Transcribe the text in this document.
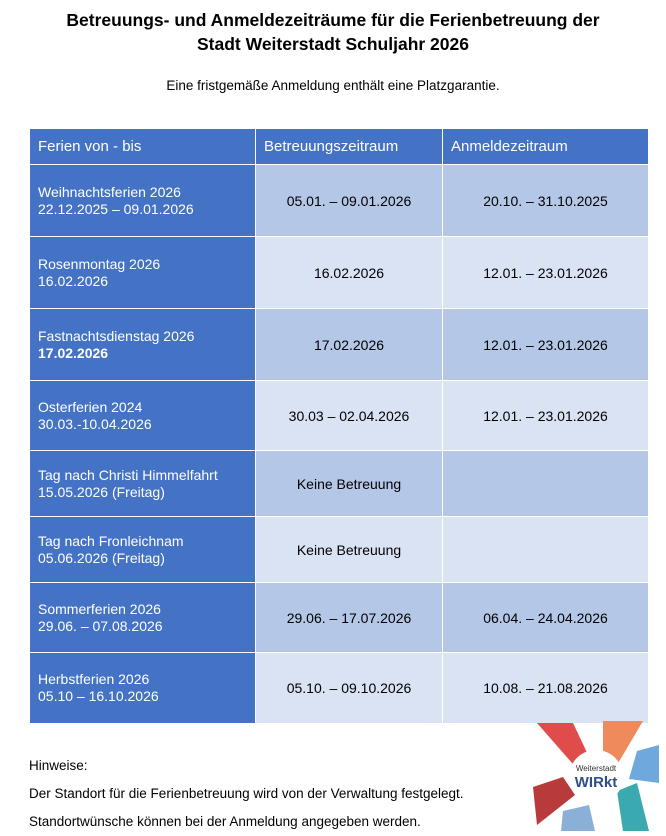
Betreuungs- und Anmeldezeiträume für die Ferienbetreuung der
Stadt Weiterstadt Schuljahr 2026
Eine fristgemäße Anmeldung enthält eine Platzgarantie.
Ferien von - bis	Betreuungszeitraum	Anmeldezeitraum
Weihnachtsferien 2026
22.12.2025 – 09.01.2026	05.01. – 09.01.2026	20.10. – 31.10.2025
Rosenmontag 2026
16.02.2026	16.02.2026	12.01. – 23.01.2026
Fastnachtsdienstag 2026
17.02.2026	17.02.2026	12.01. – 23.01.2026
Osterferien 2024
30.03.-10.04.2026	30.03 – 02.04.2026	12.01. – 23.01.2026
Tag nach Christi Himmelfahrt
15.05.2026 (Freitag)	Keine Betreuung	
Tag nach Fronleichnam
05.06.2026 (Freitag)	Keine Betreuung	
Sommerferien 2026
29.06. – 07.08.2026	29.06. – 17.07.2026	06.04. – 24.04.2026
Herbstferien 2026
05.10 – 16.10.2026	05.10. – 09.10.2026	10.08. – 21.08.2026
Hinweise:
Der Standort für die Ferienbetreuung wird von der Verwaltung festgelegt.
Standortwünsche können bei der Anmeldung angegeben werden.
Weiterstadt
WIRkt
